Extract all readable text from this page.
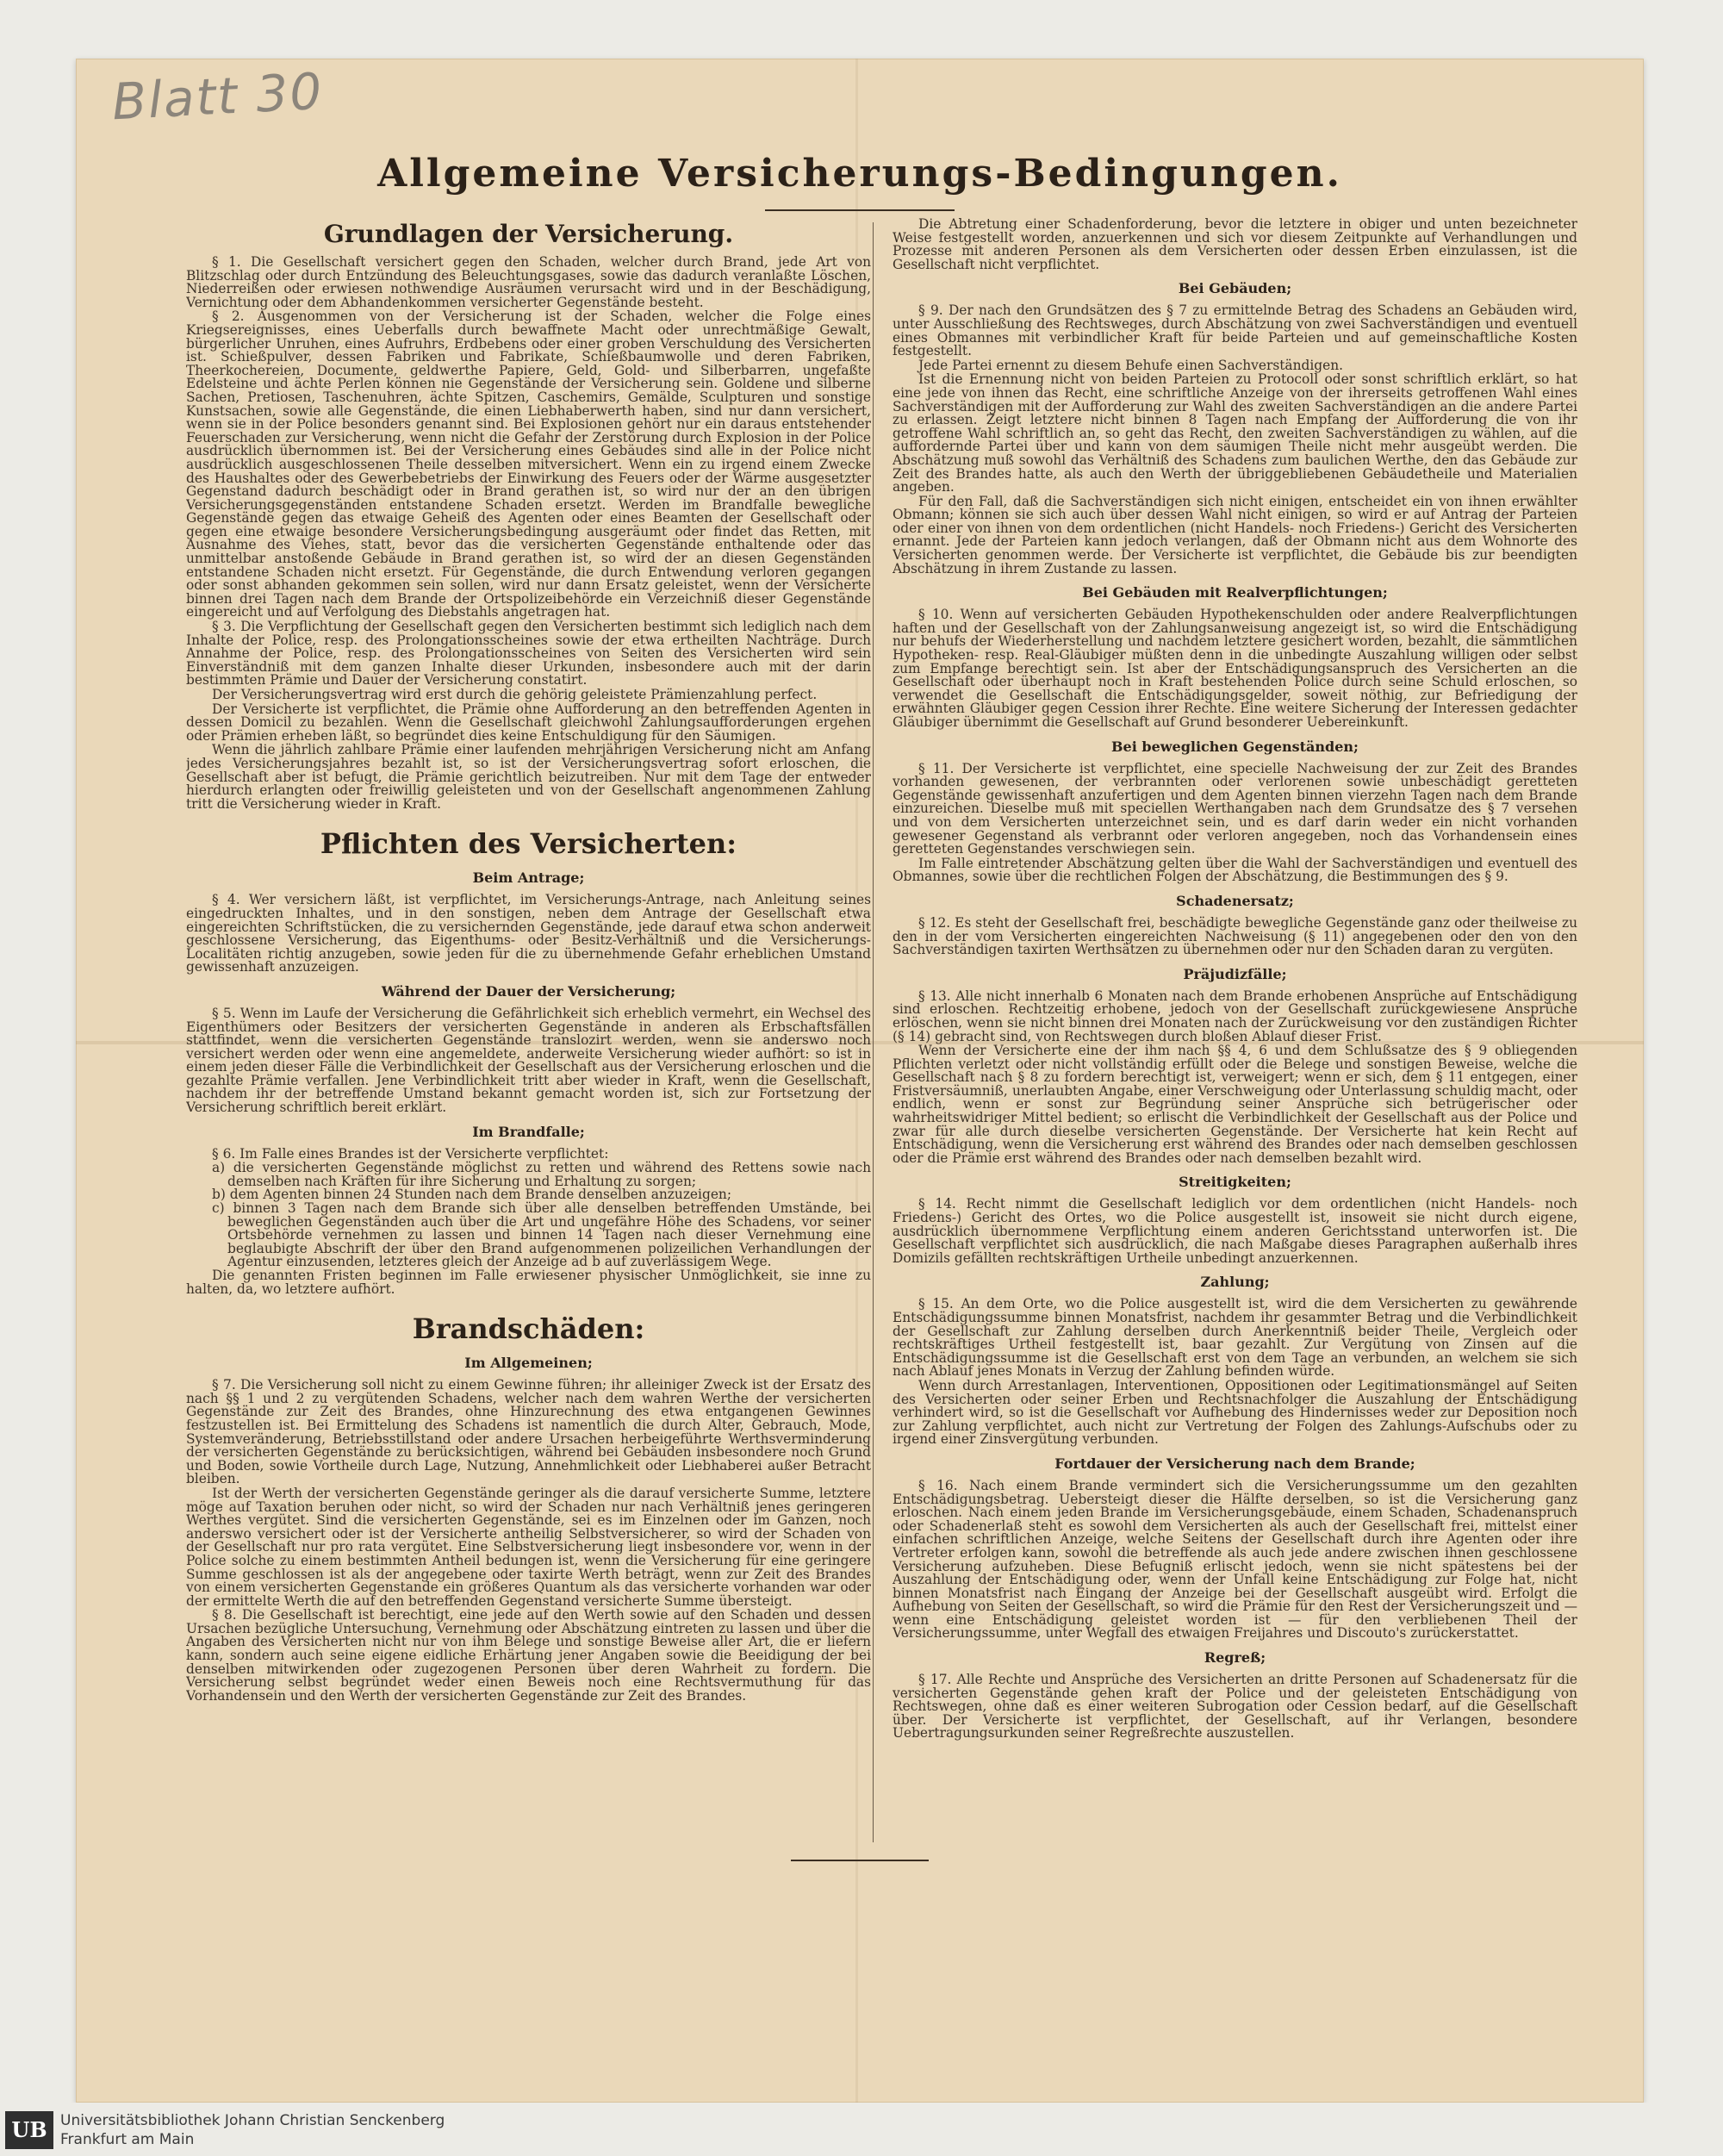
Blatt 30
Allgemeine Versicherungs-Bedingungen.
Grundlagen der Versicherung.
§ 1. Die Gesellschaft versichert gegen den Schaden, welcher durch Brand, jede Art von Blitzschlag oder durch Entzündung des Beleuchtungsgases, sowie das dadurch veranlaßte Löschen, Niederreißen oder erwiesen nothwendige Ausräumen verursacht wird und in der Beschädigung, Vernichtung oder dem Abhandenkommen versicherter Gegenstände besteht.
§ 2. Ausgenommen von der Versicherung ist der Schaden, welcher die Folge eines Kriegsereignisses, eines Ueberfalls durch bewaffnete Macht oder unrechtmäßige Gewalt, bürgerlicher Unruhen, eines Aufruhrs, Erdbebens oder einer groben Verschuldung des Versicherten ist. Schießpulver, dessen Fabriken und Fabrikate, Schießbaumwolle und deren Fabriken, Theerkochereien, Documente, geldwerthe Papiere, Geld, Gold- und Silberbarren, ungefaßte Edelsteine und ächte Perlen können nie Gegenstände der Versicherung sein. Goldene und silberne Sachen, Pretiosen, Taschenuhren, ächte Spitzen, Caschemirs, Gemälde, Sculpturen und sonstige Kunstsachen, sowie alle Gegenstände, die einen Liebhaberwerth haben, sind nur dann versichert, wenn sie in der Police besonders genannt sind. Bei Explosionen gehört nur ein daraus entstehender Feuerschaden zur Versicherung, wenn nicht die Gefahr der Zerstörung durch Explosion in der Police ausdrücklich übernommen ist. Bei der Versicherung eines Gebäudes sind alle in der Police nicht ausdrücklich ausgeschlossenen Theile desselben mitversichert. Wenn ein zu irgend einem Zwecke des Haushaltes oder des Gewerbebetriebs der Einwirkung des Feuers oder der Wärme ausgesetzter Gegenstand dadurch beschädigt oder in Brand gerathen ist, so wird nur der an den übrigen Versicherungsgegenständen entstandene Schaden ersetzt. Werden im Brandfalle bewegliche Gegenstände gegen das etwaige Geheiß des Agenten oder eines Beamten der Gesellschaft oder gegen eine etwaige besondere Versicherungsbedingung ausgeräumt oder findet das Retten, mit Ausnahme des Viehes, statt, bevor das die versicherten Gegenstände enthaltende oder das unmittelbar anstoßende Gebäude in Brand gerathen ist, so wird der an diesen Gegenständen entstandene Schaden nicht ersetzt. Für Gegenstände, die durch Entwendung verloren gegangen oder sonst abhanden gekommen sein sollen, wird nur dann Ersatz geleistet, wenn der Versicherte binnen drei Tagen nach dem Brande der Ortspolizeibehörde ein Verzeichniß dieser Gegenstände eingereicht und auf Verfolgung des Diebstahls angetragen hat.
§ 3. Die Verpflichtung der Gesellschaft gegen den Versicherten bestimmt sich lediglich nach dem Inhalte der Police, resp. des Prolongationsscheines sowie der etwa ertheilten Nachträge. Durch Annahme der Police, resp. des Prolongationsscheines von Seiten des Versicherten wird sein Einverständniß mit dem ganzen Inhalte dieser Urkunden, insbesondere auch mit der darin bestimmten Prämie und Dauer der Versicherung constatirt.
Der Versicherungsvertrag wird erst durch die gehörig geleistete Prämienzahlung perfect.
Der Versicherte ist verpflichtet, die Prämie ohne Aufforderung an den betreffenden Agenten in dessen Domicil zu bezahlen. Wenn die Gesellschaft gleichwohl Zahlungsaufforderungen ergehen oder Prämien erheben läßt, so begründet dies keine Entschuldigung für den Säumigen.
Wenn die jährlich zahlbare Prämie einer laufenden mehrjährigen Versicherung nicht am Anfang jedes Versicherungsjahres bezahlt ist, so ist der Versicherungsvertrag sofort erloschen, die Gesellschaft aber ist befugt, die Prämie gerichtlich beizutreiben. Nur mit dem Tage der entweder hierdurch erlangten oder freiwillig geleisteten und von der Gesellschaft angenommenen Zahlung tritt die Versicherung wieder in Kraft.
Pflichten des Versicherten:
Beim Antrage;
§ 4. Wer versichern läßt, ist verpflichtet, im Versicherungs-Antrage, nach Anleitung seines eingedruckten Inhaltes, und in den sonstigen, neben dem Antrage der Gesellschaft etwa eingereichten Schriftstücken, die zu versichernden Gegenstände, jede darauf etwa schon anderweit geschlossene Versicherung, das Eigenthums- oder Besitz-Verhältniß und die Versicherungs-Localitäten richtig anzugeben, sowie jeden für die zu übernehmende Gefahr erheblichen Umstand gewissenhaft anzuzeigen.
Während der Dauer der Versicherung;
§ 5. Wenn im Laufe der Versicherung die Gefährlichkeit sich erheblich vermehrt, ein Wechsel des Eigenthümers oder Besitzers der versicherten Gegenstände in anderen als Erbschaftsfällen stattfindet, wenn die versicherten Gegenstände translozirt werden, wenn sie anderswo noch versichert werden oder wenn eine angemeldete, anderweite Versicherung wieder aufhört: so ist in einem jeden dieser Fälle die Verbindlichkeit der Gesellschaft aus der Versicherung erloschen und die gezahlte Prämie verfallen. Jene Verbindlichkeit tritt aber wieder in Kraft, wenn die Gesellschaft, nachdem ihr der betreffende Umstand bekannt gemacht worden ist, sich zur Fortsetzung der Versicherung schriftlich bereit erklärt.
Im Brandfalle;
§ 6. Im Falle eines Brandes ist der Versicherte verpflichtet:
a) die versicherten Gegenstände möglichst zu retten und während des Rettens sowie nach demselben nach Kräften für ihre Sicherung und Erhaltung zu sorgen;
b) dem Agenten binnen 24 Stunden nach dem Brande denselben anzuzeigen;
c) binnen 3 Tagen nach dem Brande sich über alle denselben betreffenden Umstände, bei beweglichen Gegenständen auch über die Art und ungefähre Höhe des Schadens, vor seiner Ortsbehörde vernehmen zu lassen und binnen 14 Tagen nach dieser Vernehmung eine beglaubigte Abschrift der über den Brand aufgenommenen polizeilichen Verhandlungen der Agentur einzusenden, letzteres gleich der Anzeige ad b auf zuverlässigem Wege.
Die genannten Fristen beginnen im Falle erwiesener physischer Unmöglichkeit, sie inne zu halten, da, wo letztere aufhört.
Brandschäden:
Im Allgemeinen;
§ 7. Die Versicherung soll nicht zu einem Gewinne führen; ihr alleiniger Zweck ist der Ersatz des nach §§ 1 und 2 zu vergütenden Schadens, welcher nach dem wahren Werthe der versicherten Gegenstände zur Zeit des Brandes, ohne Hinzurechnung des etwa entgangenen Gewinnes festzustellen ist. Bei Ermittelung des Schadens ist namentlich die durch Alter, Gebrauch, Mode, Systemveränderung, Betriebsstillstand oder andere Ursachen herbeigeführte Werthsverminderung der versicherten Gegenstände zu berücksichtigen, während bei Gebäuden insbesondere noch Grund und Boden, sowie Vortheile durch Lage, Nutzung, Annehmlichkeit oder Liebhaberei außer Betracht bleiben.
Ist der Werth der versicherten Gegenstände geringer als die darauf versicherte Summe, letztere möge auf Taxation beruhen oder nicht, so wird der Schaden nur nach Verhältniß jenes geringeren Werthes vergütet. Sind die versicherten Gegenstände, sei es im Einzelnen oder im Ganzen, noch anderswo versichert oder ist der Versicherte antheilig Selbstversicherer, so wird der Schaden von der Gesellschaft nur pro rata vergütet. Eine Selbstversicherung liegt insbesondere vor, wenn in der Police solche zu einem bestimmten Antheil bedungen ist, wenn die Versicherung für eine geringere Summe geschlossen ist als der angegebene oder taxirte Werth beträgt, wenn zur Zeit des Brandes von einem versicherten Gegenstande ein größeres Quantum als das versicherte vorhanden war oder der ermittelte Werth die auf den betreffenden Gegenstand versicherte Summe übersteigt.
§ 8. Die Gesellschaft ist berechtigt, eine jede auf den Werth sowie auf den Schaden und dessen Ursachen bezügliche Untersuchung, Vernehmung oder Abschätzung eintreten zu lassen und über die Angaben des Versicherten nicht nur von ihm Belege und sonstige Beweise aller Art, die er liefern kann, sondern auch seine eigene eidliche Erhärtung jener Angaben sowie die Beeidigung der bei denselben mitwirkenden oder zugezogenen Personen über deren Wahrheit zu fordern. Die Versicherung selbst begründet weder einen Beweis noch eine Rechtsvermuthung für das Vorhandensein und den Werth der versicherten Gegenstände zur Zeit des Brandes.
Die Abtretung einer Schadenforderung, bevor die letztere in obiger und unten bezeichneter Weise festgestellt worden, anzuerkennen und sich vor diesem Zeitpunkte auf Verhandlungen und Prozesse mit anderen Personen als dem Versicherten oder dessen Erben einzulassen, ist die Gesellschaft nicht verpflichtet.
Bei Gebäuden;
§ 9. Der nach den Grundsätzen des § 7 zu ermittelnde Betrag des Schadens an Gebäuden wird, unter Ausschließung des Rechtsweges, durch Abschätzung von zwei Sachverständigen und eventuell eines Obmannes mit verbindlicher Kraft für beide Parteien und auf gemeinschaftliche Kosten festgestellt.
Jede Partei ernennt zu diesem Behufe einen Sachverständigen.
Ist die Ernennung nicht von beiden Parteien zu Protocoll oder sonst schriftlich erklärt, so hat eine jede von ihnen das Recht, eine schriftliche Anzeige von der ihrerseits getroffenen Wahl eines Sachverständigen mit der Aufforderung zur Wahl des zweiten Sachverständigen an die andere Partei zu erlassen. Zeigt letztere nicht binnen 8 Tagen nach Empfang der Aufforderung die von ihr getroffene Wahl schriftlich an, so geht das Recht, den zweiten Sachverständigen zu wählen, auf die auffordernde Partei über und kann von dem säumigen Theile nicht mehr ausgeübt werden. Die Abschätzung muß sowohl das Verhältniß des Schadens zum baulichen Werthe, den das Gebäude zur Zeit des Brandes hatte, als auch den Werth der übriggebliebenen Gebäudetheile und Materialien angeben.
Für den Fall, daß die Sachverständigen sich nicht einigen, entscheidet ein von ihnen erwählter Obmann; können sie sich auch über dessen Wahl nicht einigen, so wird er auf Antrag der Parteien oder einer von ihnen von dem ordentlichen (nicht Handels- noch Friedens-) Gericht des Versicherten ernannt. Jede der Parteien kann jedoch verlangen, daß der Obmann nicht aus dem Wohnorte des Versicherten genommen werde. Der Versicherte ist verpflichtet, die Gebäude bis zur beendigten Abschätzung in ihrem Zustande zu lassen.
Bei Gebäuden mit Realverpflichtungen;
§ 10. Wenn auf versicherten Gebäuden Hypothekenschulden oder andere Realverpflichtungen haften und der Gesellschaft von der Zahlungsanweisung angezeigt ist, so wird die Entschädigung nur behufs der Wiederherstellung und nachdem letztere gesichert worden, bezahlt, die sämmtlichen Hypotheken- resp. Real-Gläubiger müßten denn in die unbedingte Auszahlung willigen oder selbst zum Empfange berechtigt sein. Ist aber der Entschädigungsanspruch des Versicherten an die Gesellschaft oder überhaupt noch in Kraft bestehenden Police durch seine Schuld erloschen, so verwendet die Gesellschaft die Entschädigungsgelder, soweit nöthig, zur Befriedigung der erwähnten Gläubiger gegen Cession ihrer Rechte. Eine weitere Sicherung der Interessen gedachter Gläubiger übernimmt die Gesellschaft auf Grund besonderer Uebereinkunft.
Bei beweglichen Gegenständen;
§ 11. Der Versicherte ist verpflichtet, eine specielle Nachweisung der zur Zeit des Brandes vorhanden gewesenen, der verbrannten oder verlorenen sowie unbeschädigt geretteten Gegenstände gewissenhaft anzufertigen und dem Agenten binnen vierzehn Tagen nach dem Brande einzureichen. Dieselbe muß mit speciellen Werthangaben nach dem Grundsatze des § 7 versehen und von dem Versicherten unterzeichnet sein, und es darf darin weder ein nicht vorhanden gewesener Gegenstand als verbrannt oder verloren angegeben, noch das Vorhandensein eines geretteten Gegenstandes verschwiegen sein.
Im Falle eintretender Abschätzung gelten über die Wahl der Sachverständigen und eventuell des Obmannes, sowie über die rechtlichen Folgen der Abschätzung, die Bestimmungen des § 9.
Schadenersatz;
§ 12. Es steht der Gesellschaft frei, beschädigte bewegliche Gegenstände ganz oder theilweise zu den in der vom Versicherten eingereichten Nachweisung (§ 11) angegebenen oder den von den Sachverständigen taxirten Werthsätzen zu übernehmen oder nur den Schaden daran zu vergüten.
Präjudizfälle;
§ 13. Alle nicht innerhalb 6 Monaten nach dem Brande erhobenen Ansprüche auf Entschädigung sind erloschen. Rechtzeitig erhobene, jedoch von der Gesellschaft zurückgewiesene Ansprüche erlöschen, wenn sie nicht binnen drei Monaten nach der Zurückweisung vor den zuständigen Richter (§ 14) gebracht sind, von Rechtswegen durch bloßen Ablauf dieser Frist.
Wenn der Versicherte eine der ihm nach §§ 4, 6 und dem Schlußsatze des § 9 obliegenden Pflichten verletzt oder nicht vollständig erfüllt oder die Belege und sonstigen Beweise, welche die Gesellschaft nach § 8 zu fordern berechtigt ist, verweigert; wenn er sich, dem § 11 entgegen, einer Fristversäumniß, unerlaubten Angabe, einer Verschweigung oder Unterlassung schuldig macht, oder endlich, wenn er sonst zur Begründung seiner Ansprüche sich betrügerischer oder wahrheitswidriger Mittel bedient; so erlischt die Verbindlichkeit der Gesellschaft aus der Police und zwar für alle durch dieselbe versicherten Gegenstände. Der Versicherte hat kein Recht auf Entschädigung, wenn die Versicherung erst während des Brandes oder nach demselben geschlossen oder die Prämie erst während des Brandes oder nach demselben bezahlt wird.
Streitigkeiten;
§ 14. Recht nimmt die Gesellschaft lediglich vor dem ordentlichen (nicht Handels- noch Friedens-) Gericht des Ortes, wo die Police ausgestellt ist, insoweit sie nicht durch eigene, ausdrücklich übernommene Verpflichtung einem anderen Gerichtsstand unterworfen ist. Die Gesellschaft verpflichtet sich ausdrücklich, die nach Maßgabe dieses Paragraphen außerhalb ihres Domizils gefällten rechtskräftigen Urtheile unbedingt anzuerkennen.
Zahlung;
§ 15. An dem Orte, wo die Police ausgestellt ist, wird die dem Versicherten zu gewährende Entschädigungssumme binnen Monatsfrist, nachdem ihr gesammter Betrag und die Verbindlichkeit der Gesellschaft zur Zahlung derselben durch Anerkenntniß beider Theile, Vergleich oder rechtskräftiges Urtheil festgestellt ist, baar gezahlt. Zur Vergütung von Zinsen auf die Entschädigungssumme ist die Gesellschaft erst von dem Tage an verbunden, an welchem sie sich nach Ablauf jenes Monats in Verzug der Zahlung befinden würde.
Wenn durch Arrestanlagen, Interventionen, Oppositionen oder Legitimationsmängel auf Seiten des Versicherten oder seiner Erben und Rechtsnachfolger die Auszahlung der Entschädigung verhindert wird, so ist die Gesellschaft vor Aufhebung des Hindernisses weder zur Deposition noch zur Zahlung verpflichtet, auch nicht zur Vertretung der Folgen des Zahlungs-Aufschubs oder zu irgend einer Zinsvergütung verbunden.
Fortdauer der Versicherung nach dem Brande;
§ 16. Nach einem Brande vermindert sich die Versicherungssumme um den gezahlten Entschädigungsbetrag. Uebersteigt dieser die Hälfte derselben, so ist die Versicherung ganz erloschen. Nach einem jeden Brande im Versicherungsgebäude, einem Schaden, Schadenanspruch oder Schadenerlaß steht es sowohl dem Versicherten als auch der Gesellschaft frei, mittelst einer einfachen schriftlichen Anzeige, welche Seitens der Gesellschaft durch ihre Agenten oder ihre Vertreter erfolgen kann, sowohl die betreffende als auch jede andere zwischen ihnen geschlossene Versicherung aufzuheben. Diese Befugniß erlischt jedoch, wenn sie nicht spätestens bei der Auszahlung der Entschädigung oder, wenn der Unfall keine Entschädigung zur Folge hat, nicht binnen Monatsfrist nach Eingang der Anzeige bei der Gesellschaft ausgeübt wird. Erfolgt die Aufhebung von Seiten der Gesellschaft, so wird die Prämie für den Rest der Versicherungszeit und — wenn eine Entschädigung geleistet worden ist — für den verbliebenen Theil der Versicherungssumme, unter Wegfall des etwaigen Freijahres und Discouto's zurückerstattet.
Regreß;
§ 17. Alle Rechte und Ansprüche des Versicherten an dritte Personen auf Schadenersatz für die versicherten Gegenstände gehen kraft der Police und der geleisteten Entschädigung von Rechtswegen, ohne daß es einer weiteren Subrogation oder Cession bedarf, auf die Gesellschaft über. Der Versicherte ist verpflichtet, der Gesellschaft, auf ihr Verlangen, besondere Uebertragungsurkunden seiner Regreßrechte auszustellen.
UB Universitätsbibliothek Johann Christian Senckenberg
Frankfurt am Main
